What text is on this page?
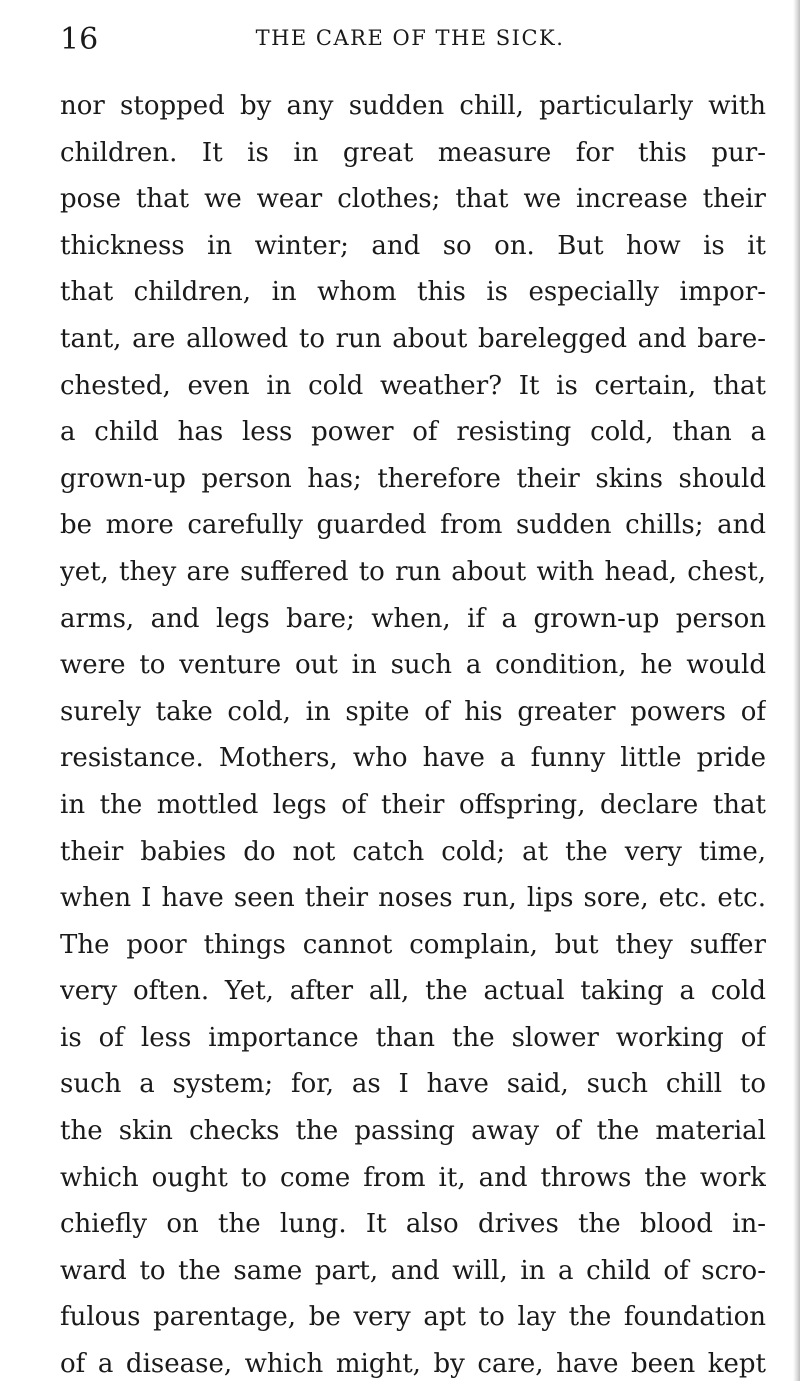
16	THE CARE OF THE SICK.
nor stopped by any sudden chill, particularly with
children. It is in great measure for this pur-
pose that we wear clothes; that we increase their
thickness in winter; and so on. But how is it
that children, in whom this is especially impor-
tant, are allowed to run about barelegged and bare-
chested, even in cold weather? It is certain, that
a child has less power of resisting cold, than a
grown-up person has; therefore their skins should
be more carefully guarded from sudden chills; and
yet, they are suffered to run about with head, chest,
arms, and legs bare; when, if a grown-up person
were to venture out in such a condition, he would
surely take cold, in spite of his greater powers of
resistance. Mothers, who have a funny little pride
in the mottled legs of their offspring, declare that
their babies do not catch cold; at the very time,
when I have seen their noses run, lips sore, etc. etc.
The poor things cannot complain, but they suffer
very often. Yet, after all, the actual taking a cold
is of less importance than the slower working of
such a system; for, as I have said, such chill to
the skin checks the passing away of the material
which ought to come from it, and throws the work
chiefly on the lung. It also drives the blood in-
ward to the same part, and will, in a child of scro-
fulous parentage, be very apt to lay the foundation
of a disease, which might, by care, have been kept
